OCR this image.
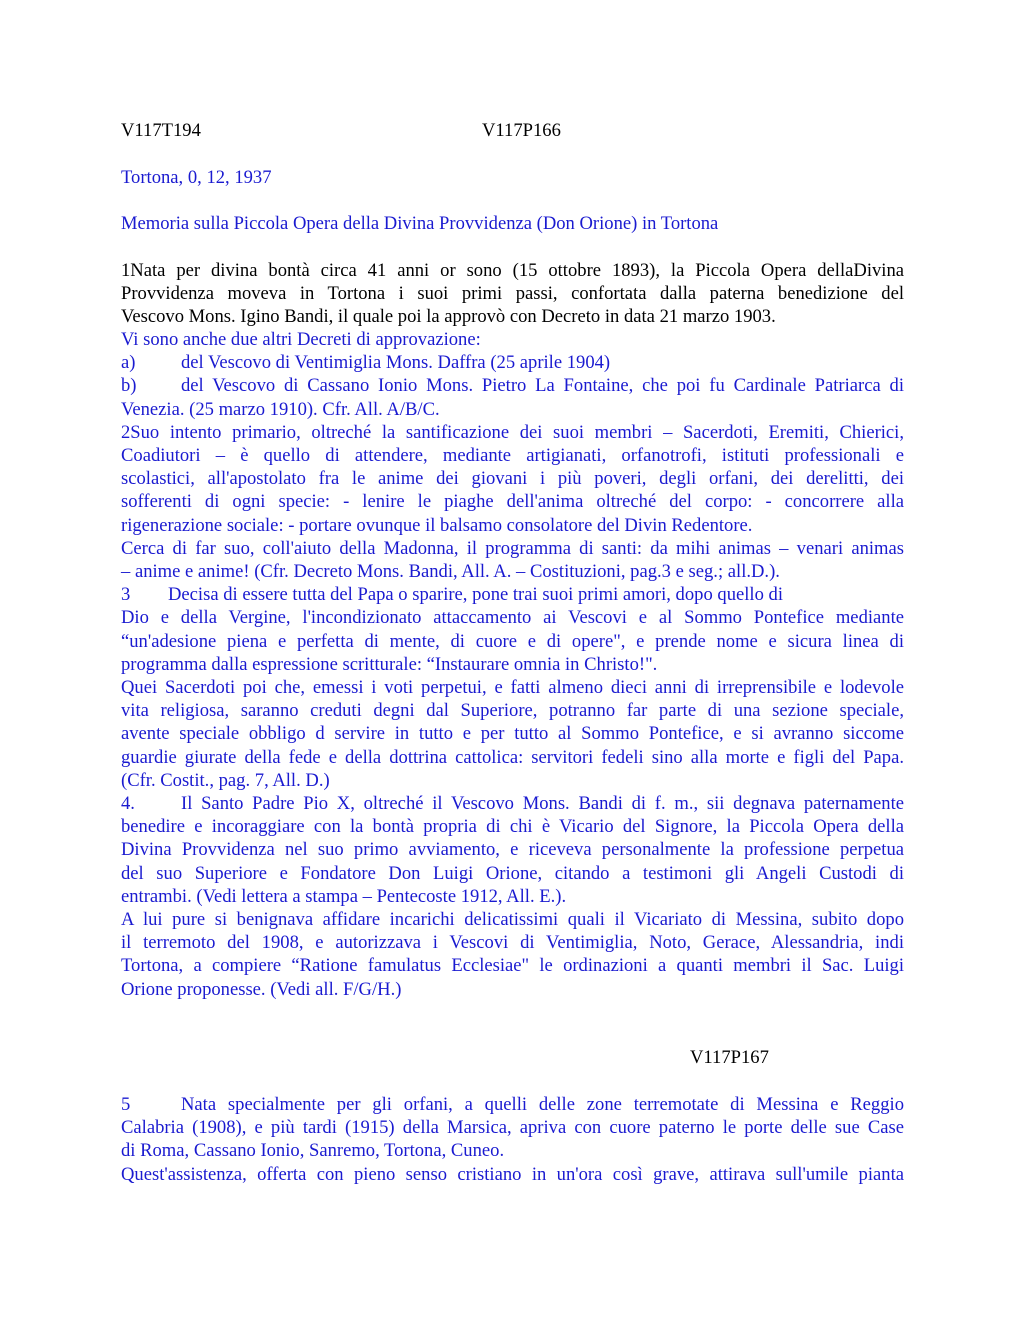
V117T194	V117P166
Tortona, 0, 12, 1937
Memoria sulla Piccola Opera della Divina Provvidenza (Don Orione) in Tortona
1Nata per divina bontà circa 41 anni or sono (15 ottobre 1893), la Piccola Opera dellaDivina
Provvidenza moveva in Tortona i suoi primi passi, confortata dalla paterna benedizione del
Vescovo Mons. Igino Bandi, il quale poi la approvò con Decreto in data 21 marzo 1903.
Vi sono anche due altri Decreti di approvazione:
a) del Vescovo di Ventimiglia Mons. Daffra (25 aprile 1904)
b) del Vescovo di Cassano Ionio Mons. Pietro La Fontaine, che poi fu Cardinale Patriarca di
Venezia. (25 marzo 1910). Cfr. All. A/B/C.
2Suo intento primario, oltreché la santificazione dei suoi membri – Sacerdoti, Eremiti, Chierici,
Coadiutori – è quello di attendere, mediante artigianati, orfanotrofi, istituti professionali e
scolastici, all'apostolato fra le anime dei giovani i più poveri, degli orfani, dei derelitti, dei
sofferenti di ogni specie: - lenire le piaghe dell'anima oltreché del corpo: - concorrere alla
rigenerazione sociale: - portare ovunque il balsamo consolatore del Divin Redentore.
Cerca di far suo, coll'aiuto della Madonna, il programma di santi: da mihi animas – venari animas
– anime e anime! (Cfr. Decreto Mons. Bandi, All. A. – Costituzioni, pag.3 e seg.; all.D.).
3 Decisa di essere tutta del Papa o sparire, pone trai suoi primi amori, dopo quello di
Dio e della Vergine, l'incondizionato attaccamento ai Vescovi e al Sommo Pontefice mediante
“un'adesione piena e perfetta di mente, di cuore e di opere", e prende nome e sicura linea di
programma dalla espressione scritturale: “Instaurare omnia in Christo!".
Quei Sacerdoti poi che, emessi i voti perpetui, e fatti almeno dieci anni di irreprensibile e lodevole
vita religiosa, saranno creduti degni dal Superiore, potranno far parte di una sezione speciale,
avente speciale obbligo d servire in tutto e per tutto al Sommo Pontefice, e si avranno siccome
guardie giurate della fede e della dottrina cattolica: servitori fedeli sino alla morte e figli del Papa.
(Cfr. Costit., pag. 7, All. D.)
4. Il Santo Padre Pio X, oltreché il Vescovo Mons. Bandi di f. m., sii degnava paternamente
benedire e incoraggiare con la bontà propria di chi è Vicario del Signore, la Piccola Opera della
Divina Provvidenza nel suo primo avviamento, e riceveva personalmente la professione perpetua
del suo Superiore e Fondatore Don Luigi Orione, citando a testimoni gli Angeli Custodi di
entrambi. (Vedi lettera a stampa – Pentecoste 1912, All. E.).
A lui pure si benignava affidare incarichi delicatissimi quali il Vicariato di Messina, subito dopo
il terremoto del 1908, e autorizzava i Vescovi di Ventimiglia, Noto, Gerace, Alessandria, indi
Tortona, a compiere “Ratione famulatus Ecclesiae" le ordinazioni a quanti membri il Sac. Luigi
Orione proponesse. (Vedi all. F/G/H.)
V117P167
5	Nata specialmente per gli orfani, a quelli delle zone terremotate di Messina e Reggio
Calabria (1908), e più tardi (1915) della Marsica, apriva con cuore paterno le porte delle sue Case
di Roma, Cassano Ionio, Sanremo, Tortona, Cuneo.
Quest'assistenza, offerta con pieno senso cristiano in un'ora così grave, attirava sull'umile pianta
